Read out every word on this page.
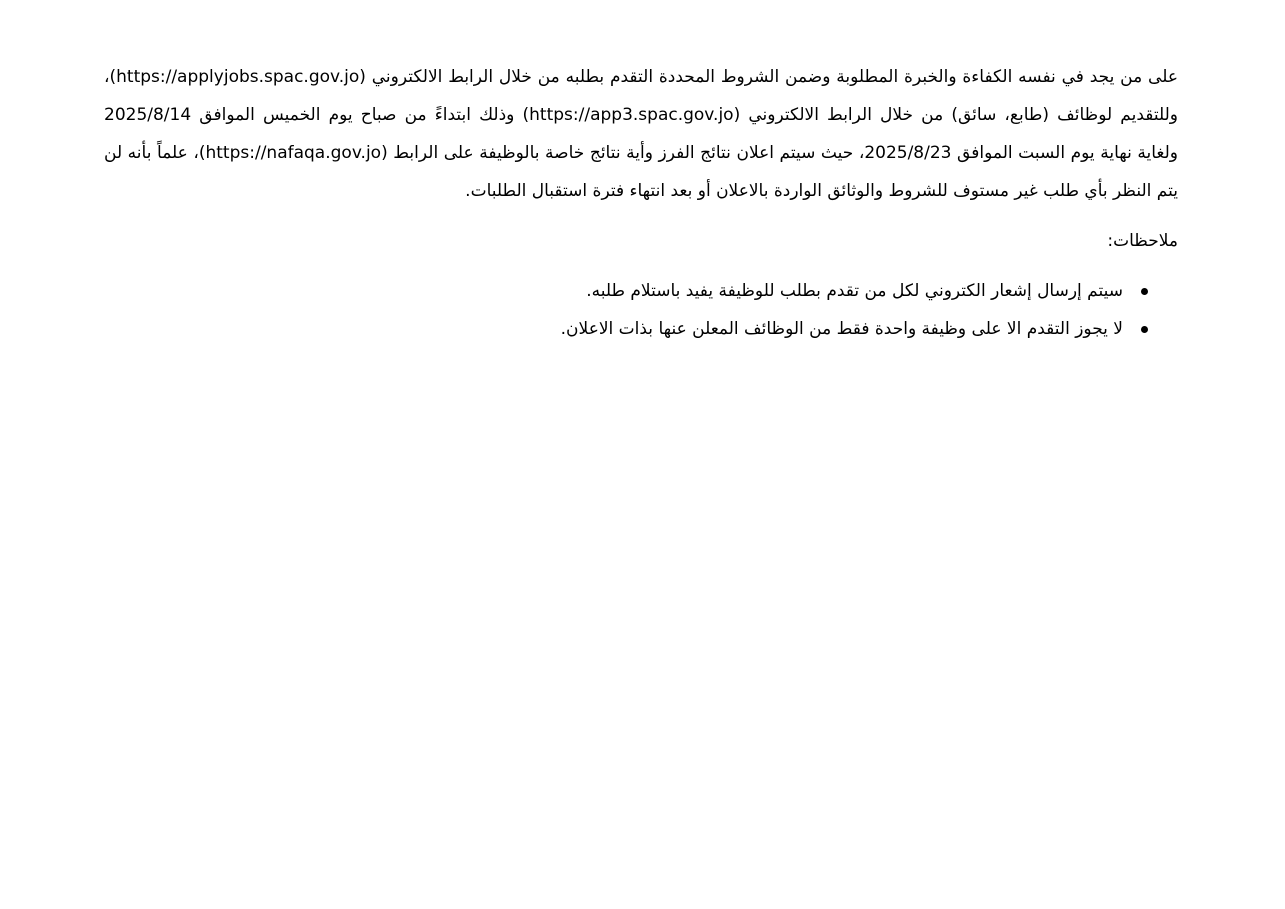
على من يجد في نفسه الكفاءة والخبرة المطلوبة وضمن الشروط المحددة التقدم بطلبه من خلال الرابط الالكتروني (https://applyjobs.spac.gov.jo)، وللتقديم لوظائف (طابع، سائق) من خلال الرابط الالكتروني (https://app3.spac.gov.jo) وذلك ابتداءً من صباح يوم الخميس الموافق 2025/8/14 ولغاية نهاية يوم السبت الموافق 2025/8/23، حيث سيتم اعلان نتائج الفرز وأية نتائج خاصة بالوظيفة على الرابط (https://nafaqa.gov.jo)، علماً بأنه لن يتم النظر بأي طلب غير مستوف للشروط والوثائق الواردة بالاعلان أو بعد انتهاء فترة استقبال الطلبات.

ملاحظات:
سيتم إرسال إشعار الكتروني لكل من تقدم بطلب للوظيفة يفيد باستلام طلبه.
لا يجوز التقدم الا على وظيفة واحدة فقط من الوظائف المعلن عنها بذات الاعلان.
